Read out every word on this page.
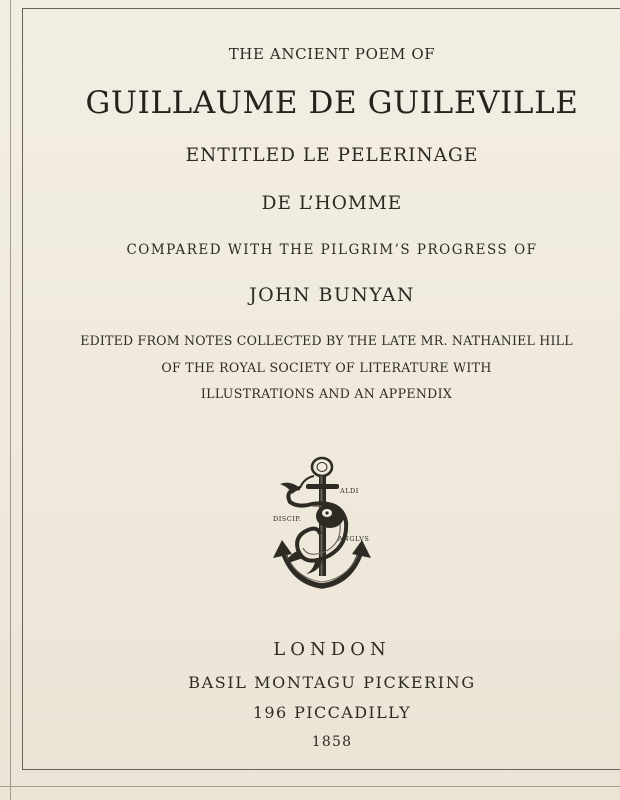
THE ANCIENT POEM OF
GUILLAUME DE GUILEVILLE
ENTITLED LE PELERINAGE
DE L’HOMME
COMPARED WITH THE PILGRIM’S PROGRESS OF
JOHN BUNYAN
EDITED FROM NOTES COLLECTED BY THE LATE MR. NATHANIEL HILL
OF THE ROYAL SOCIETY OF LITERATURE WITH
ILLUSTRATIONS AND AN APPENDIX
ALDI
DISCIP.
ANGLVS
LONDON
BASIL MONTAGU PICKERING
196 PICCADILLY
1858
